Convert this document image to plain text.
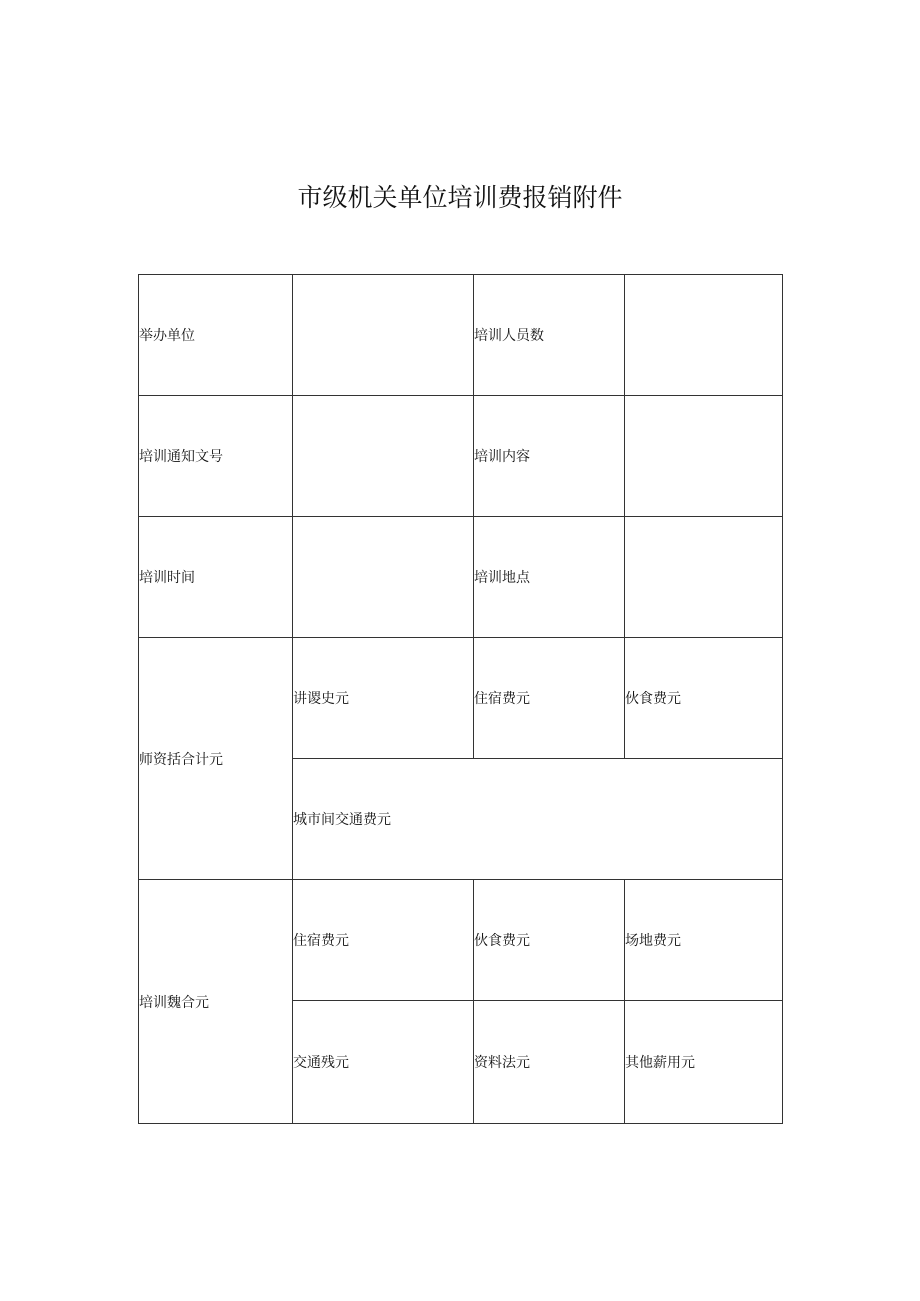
市级机关单位培训费报销附件
举办单位		培训人员数	
培训通知文号		培训内容	
培训时间		培训地点	
师资括合计元	讲谡史元	住宿费元	伙食费元
	城市间交通费元		
培训魏合元	住宿费元	伙食费元	场地费元
	交通残元	资料法元	其他薪用元
